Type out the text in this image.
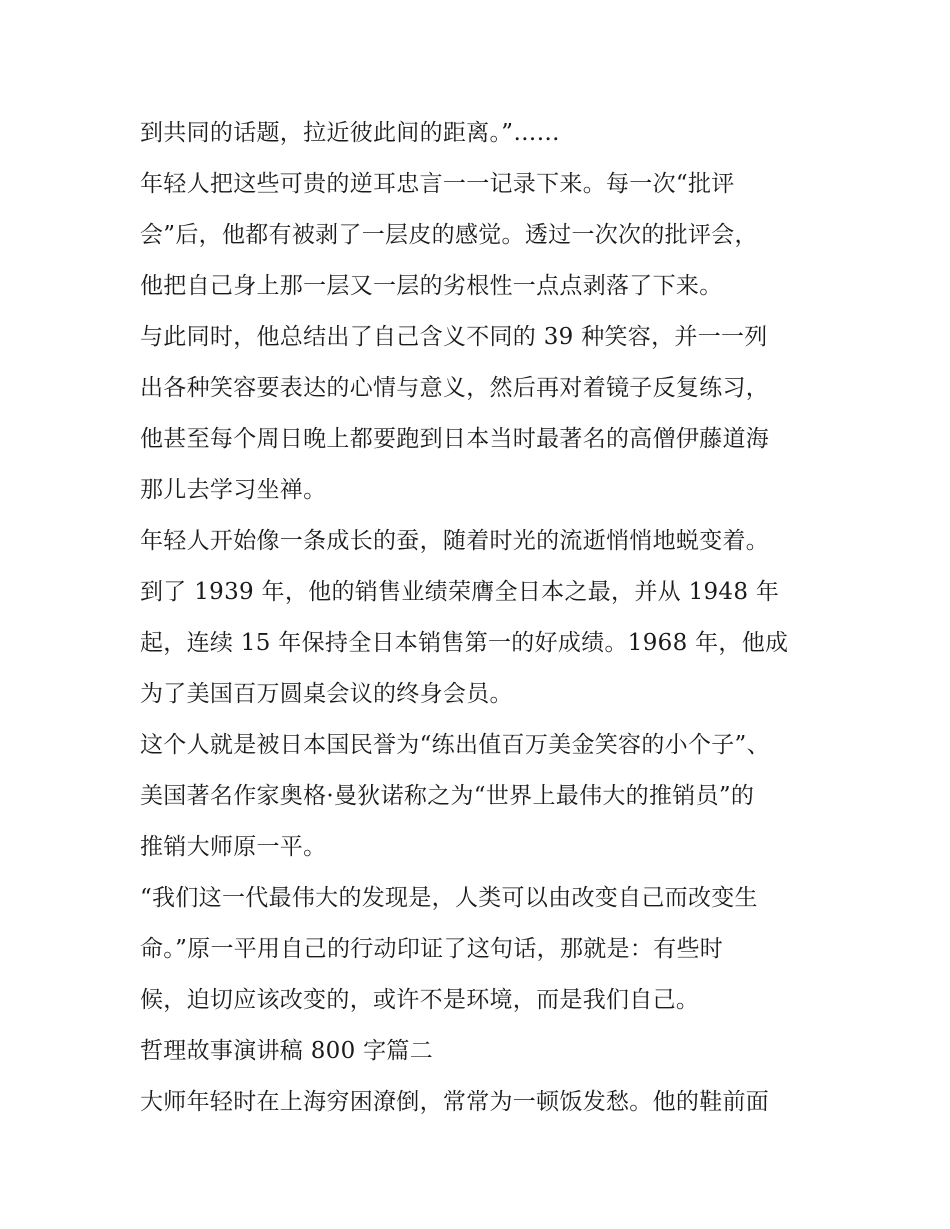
到共同的话题，拉近彼此间的距离。”……
年轻人把这些可贵的逆耳忠言一一记录下来。每一次“批评
会”后，他都有被剥了一层皮的感觉。透过一次次的批评会，
他把自己身上那一层又一层的劣根性一点点剥落了下来。
与此同时，他总结出了自己含义不同的 39 种笑容，并一一列
出各种笑容要表达的心情与意义，然后再对着镜子反复练习，
他甚至每个周日晚上都要跑到日本当时最著名的高僧伊藤道海
那儿去学习坐禅。
年轻人开始像一条成长的蚕，随着时光的流逝悄悄地蜕变着。
到了 1939 年，他的销售业绩荣膺全日本之最，并从 1948 年
起，连续 15 年保持全日本销售第一的好成绩。1968 年，他成
为了美国百万圆桌会议的终身会员。
这个人就是被日本国民誉为“练出值百万美金笑容的小个子”、
美国著名作家奥格·曼狄诺称之为“世界上最伟大的推销员”的
推销大师原一平。
“我们这一代最伟大的发现是，人类可以由改变自己而改变生
命。”原一平用自己的行动印证了这句话，那就是：有些时
候，迫切应该改变的，或许不是环境，而是我们自己。
哲理故事演讲稿 800 字篇二
大师年轻时在上海穷困潦倒，常常为一顿饭发愁。他的鞋前面
